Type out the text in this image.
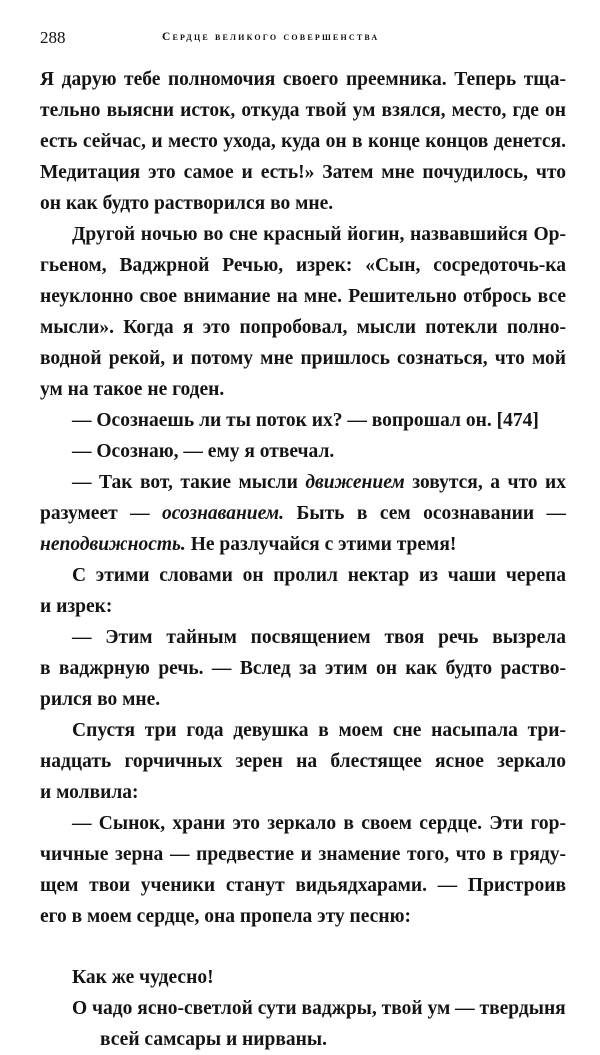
288	сердце великого совершенства
Я дарую тебе полномочия своего преемника. Теперь тща-
тельно выясни исток, откуда твой ум взялся, место, где он
есть сейчас, и место ухода, куда он в конце концов денется.
Медитация это самое и есть!» Затем мне почудилось, что
он как будто растворился во мне.
Другой ночью во сне красный йогин, назвавшийся Ор-
гьеном, Ваджрной Речью, изрек: «Сын, сосредоточь-ка
неуклонно свое внимание на мне. Решительно отбрось все
мысли». Когда я это попробовал, мысли потекли полно-
водной рекой, и потому мне пришлось сознаться, что мой
ум на такое не годен.
— Осознаешь ли ты поток их? — вопрошал он. [474]
— Осознаю, — ему я отвечал.
— Так вот, такие мысли движением зовутся, а что их
разумеет — осознаванием. Быть в сем осознавании —
неподвижность. Не разлучайся с этими тремя!
С этими словами он пролил нектар из чаши черепа
и изрек:
— Этим тайным посвящением твоя речь вызрела
в ваджрную речь. — Вслед за этим он как будто раство-
рился во мне.
Спустя три года девушка в моем сне насыпала три-
надцать горчичных зерен на блестящее ясное зеркало
и молвила:
— Сынок, храни это зеркало в своем сердце. Эти гор-
чичные зерна — предвестие и знамение того, что в гряду-
щем твои ученики станут видьядхарами. — Пристроив
его в моем сердце, она пропела эту песню:
Как же чудесно!
О чадо ясно-светлой сути ваджры, твой ум — твердыня
всей самсары и нирваны.
